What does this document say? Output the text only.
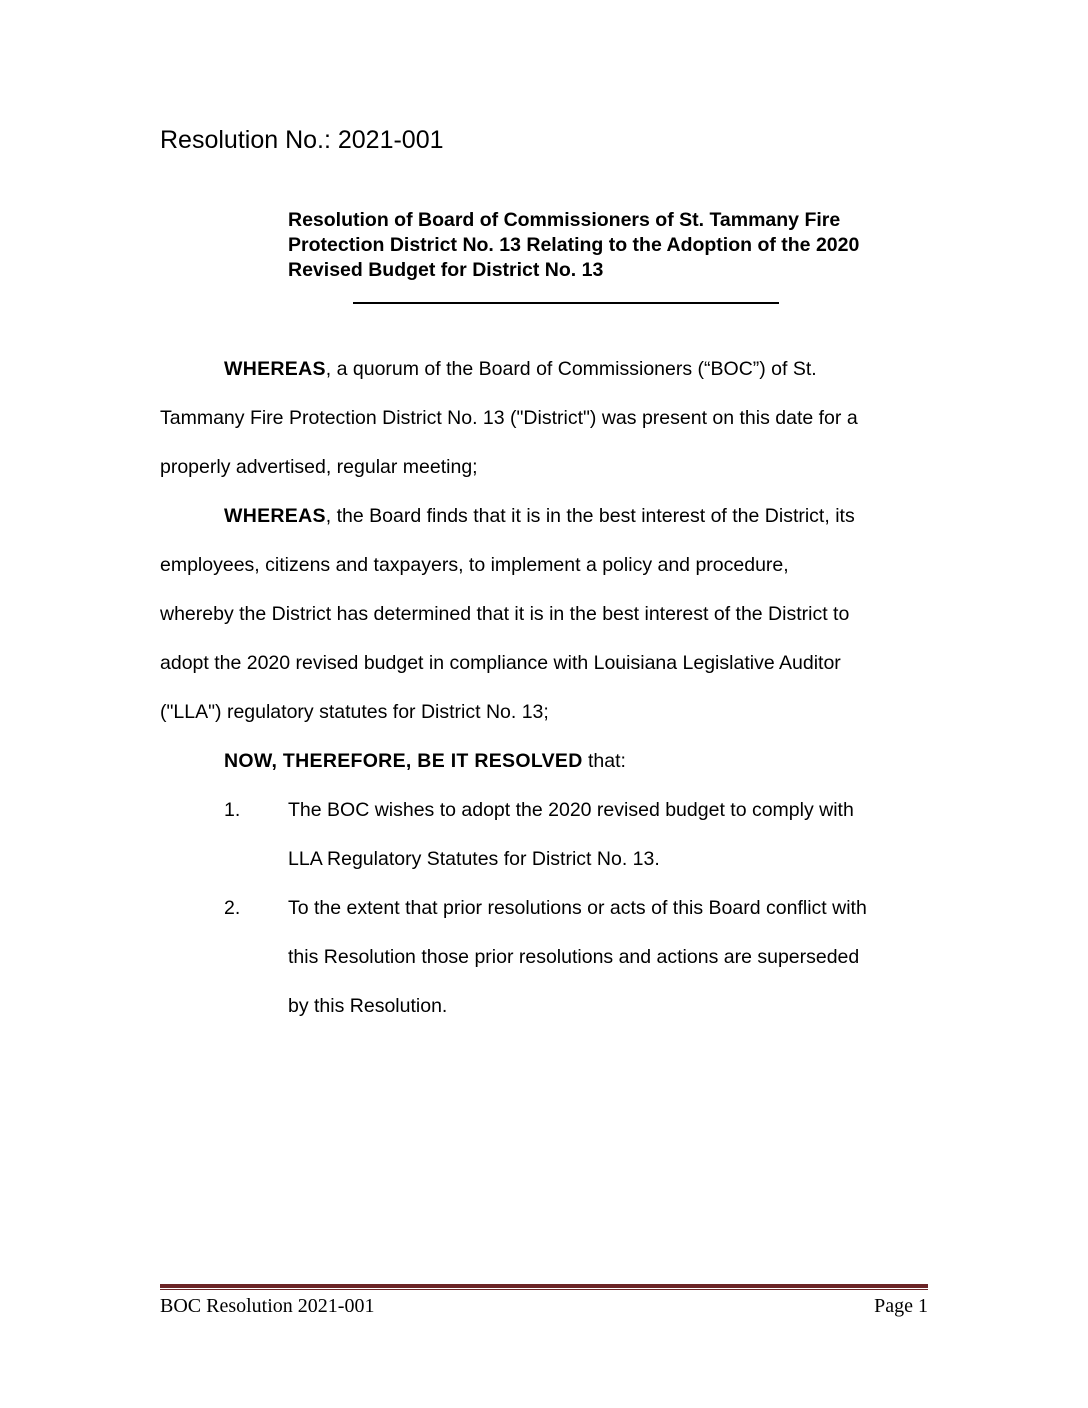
Resolution No.: 2021-001
Resolution of Board of Commissioners of St. Tammany Fire
Protection District No. 13 Relating to the Adoption of the 2020
Revised Budget for District No. 13
WHEREAS, a quorum of the Board of Commissioners (“BOC”) of St.
Tammany Fire Protection District No. 13 ("District") was present on this date for a
properly advertised, regular meeting;
WHEREAS, the Board finds that it is in the best interest of the District, its
employees, citizens and taxpayers, to implement a policy and procedure,
whereby the District has determined that it is in the best interest of the District to
adopt the 2020 revised budget in compliance with Louisiana Legislative Auditor
("LLA") regulatory statutes for District No. 13;
NOW, THEREFORE, BE IT RESOLVED that:
1. The BOC wishes to adopt the 2020 revised budget to comply with
LLA Regulatory Statutes for District No. 13.
2. To the extent that prior resolutions or acts of this Board conflict with
this Resolution those prior resolutions and actions are superseded
by this Resolution.
BOC Resolution 2021-001	Page 1
